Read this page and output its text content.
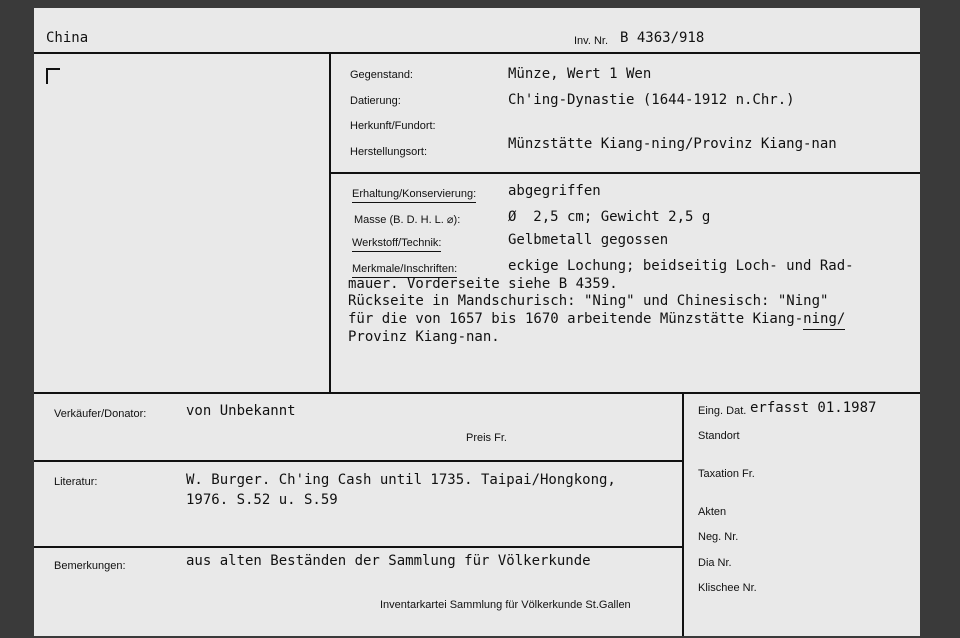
China	Inv. Nr. B 4363/918
Gegenstand:	Münze, Wert 1 Wen
Datierung:	Ch'ing-Dynastie (1644-1912 n.Chr.)
Herkunft/Fundort:
Herstellungsort:	Münzstätte Kiang-ning/Provinz Kiang-nan
Erhaltung/Konservierung: abgegriffen
Masse (B. D. H. L. ⌀):	Ø  2,5 cm; Gewicht 2,5 g
Werkstoff/Technik:	Gelbmetall gegossen
Merkmale/Inschriften:	eckige Lochung; beidseitig Loch- und Rad-
mauer. Vorderseite siehe B 4359.
Rückseite in Mandschurisch: "Ning" und Chinesisch: "Ning"
für die von 1657 bis 1670 arbeitende Münzstätte Kiang-ning/
Provinz Kiang-nan.
Verkäufer/Donator:	von Unbekannt
Preis Fr.
Literatur:	W. Burger. Ch'ing Cash until 1735. Taipai/Hongkong,
1976. S.52 u. S.59
Bemerkungen:	aus alten Beständen der Sammlung für Völkerkunde
Inventarkartei Sammlung für Völkerkunde St.Gallen
Eing. Dat. erfasst 01.1987
Standort
Taxation Fr.
Akten
Neg. Nr.
Dia Nr.
Klischee Nr.
